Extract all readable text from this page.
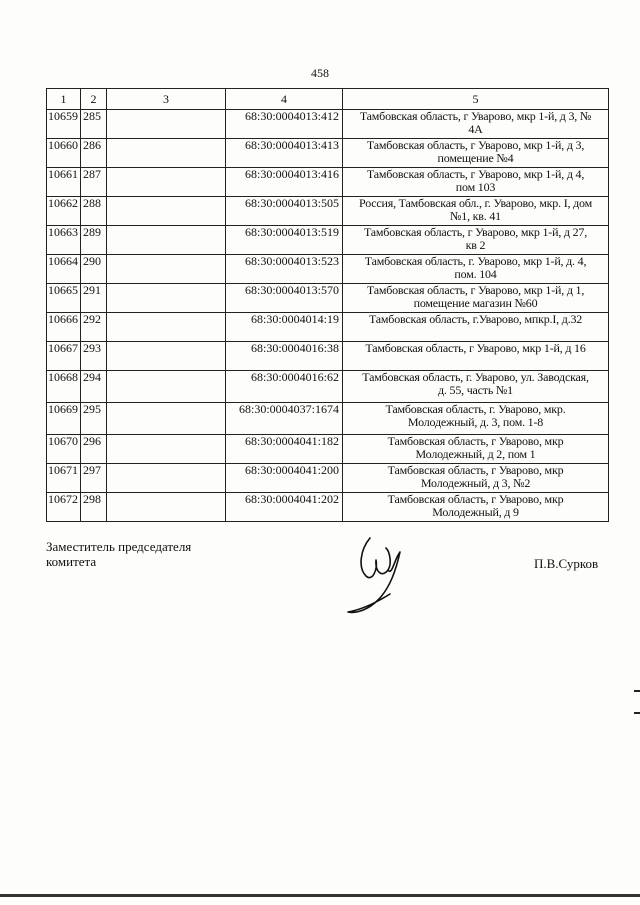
458
1	2	3	4	5
10659	285		68:30:0004013:412	Тамбовская область, г Уварово, мкр 1-й, д 3, №
4А

10660	286		68:30:0004013:413	Тамбовская область, г Уварово, мкр 1-й, д 3,
помещение №4

10661	287		68:30:0004013:416	Тамбовская область, г Уварово, мкр 1-й, д 4,
пом 103

10662	288		68:30:0004013:505	Россия, Тамбовская обл., г. Уварово, мкр. I, дом
№1, кв. 41

10663	289		68:30:0004013:519	Тамбовская область, г Уварово, мкр 1-й, д 27,
кв 2

10664	290		68:30:0004013:523	Тамбовская область, г. Уварово, мкр 1-й, д. 4,
пом. 104

10665	291		68:30:0004013:570	Тамбовская область, г Уварово, мкр 1-й, д 1,
помещение магазин №60

10666	292		68:30:0004014:19	Тамбовская область, г.Уварово, мпкр.I, д.32

10667	293		68:30:0004016:38	Тамбовская область, г Уварово, мкр 1-й, д 16

10668	294		68:30:0004016:62	Тамбовская область, г. Уварово, ул. Заводская,
д. 55, часть №1

10669	295		68:30:0004037:1674	Тамбовская область, г. Уварово, мкр.
Молодежный, д. 3, пом. 1-8

10670	296		68:30:0004041:182	Тамбовская область, г Уварово, мкр
Молодежный, д 2, пом 1

10671	297		68:30:0004041:200	Тамбовская область, г Уварово, мкр
Молодежный, д 3, №2

10672	298		68:30:0004041:202	Тамбовская область, г Уварово, мкр
Молодежный, д 9
Заместитель председателя
комитета	П.В.Сурков
